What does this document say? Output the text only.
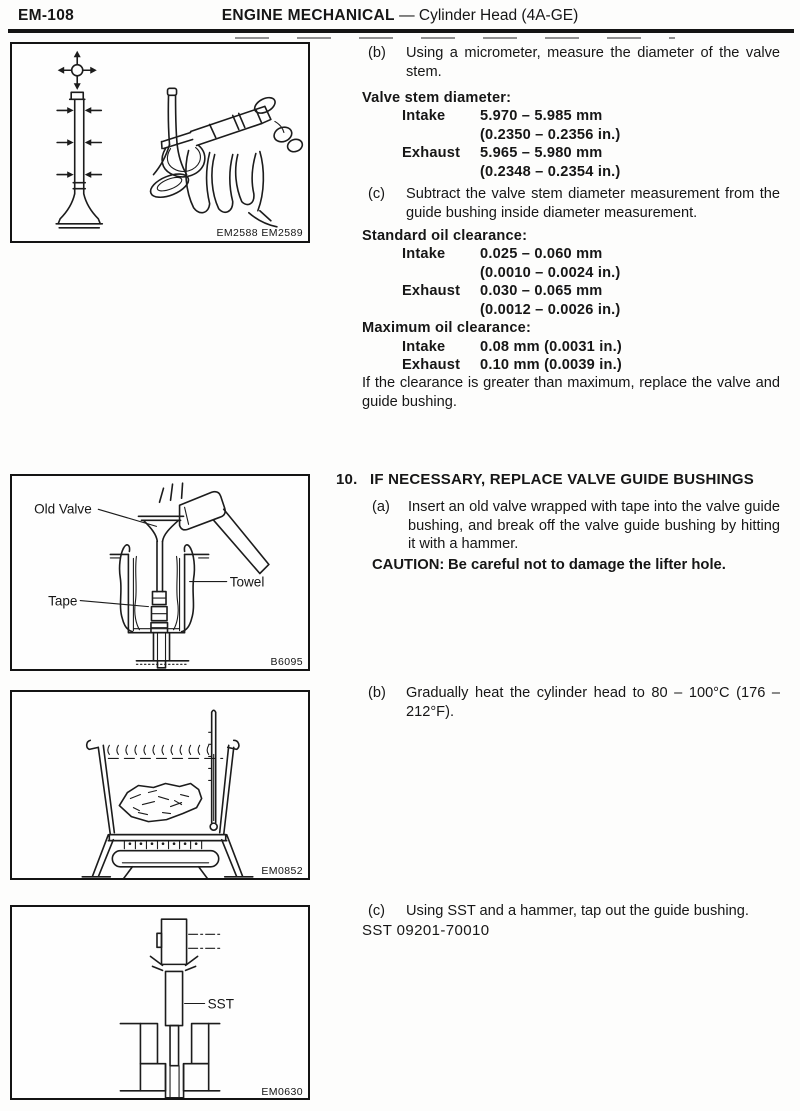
EM-108	ENGINE MECHANICAL — Cylinder Head (4A-GE)
EM2588 EM2589
(b)	Using a micrometer, measure the diameter of the valve stem.
Valve stem diameter:
Intake	5.970 – 5.985 mm
(0.2350 – 0.2356 in.)
Exhaust	5.965 – 5.980 mm
(0.2348 – 0.2354 in.)
(c)	Subtract the valve stem diameter measurement from the guide bushing inside diameter measurement.
Standard oil clearance:
Intake	0.025 – 0.060 mm
(0.0010 – 0.0024 in.)
Exhaust	0.030 – 0.065 mm
(0.0012 – 0.0026 in.)
Maximum oil clearance:
Intake	0.08 mm (0.0031 in.)
Exhaust	0.10 mm (0.0039 in.)
If the clearance is greater than maximum, replace the valve and guide bushing.
10. IF NECESSARY, REPLACE VALVE GUIDE BUSHINGS
(a)	Insert an old valve wrapped with tape into the valve guide bushing, and break off the valve guide bushing by hitting it with a hammer.
CAUTION: Be careful not to damage the lifter hole.
Old Valve
Tape
Towel
B6095
(b)	Gradually heat the cylinder head to 80 – 100°C (176 – 212°F).
EM0852
(c)	Using SST and a hammer, tap out the guide bushing.
SST 09201-70010
SST
EM0630
